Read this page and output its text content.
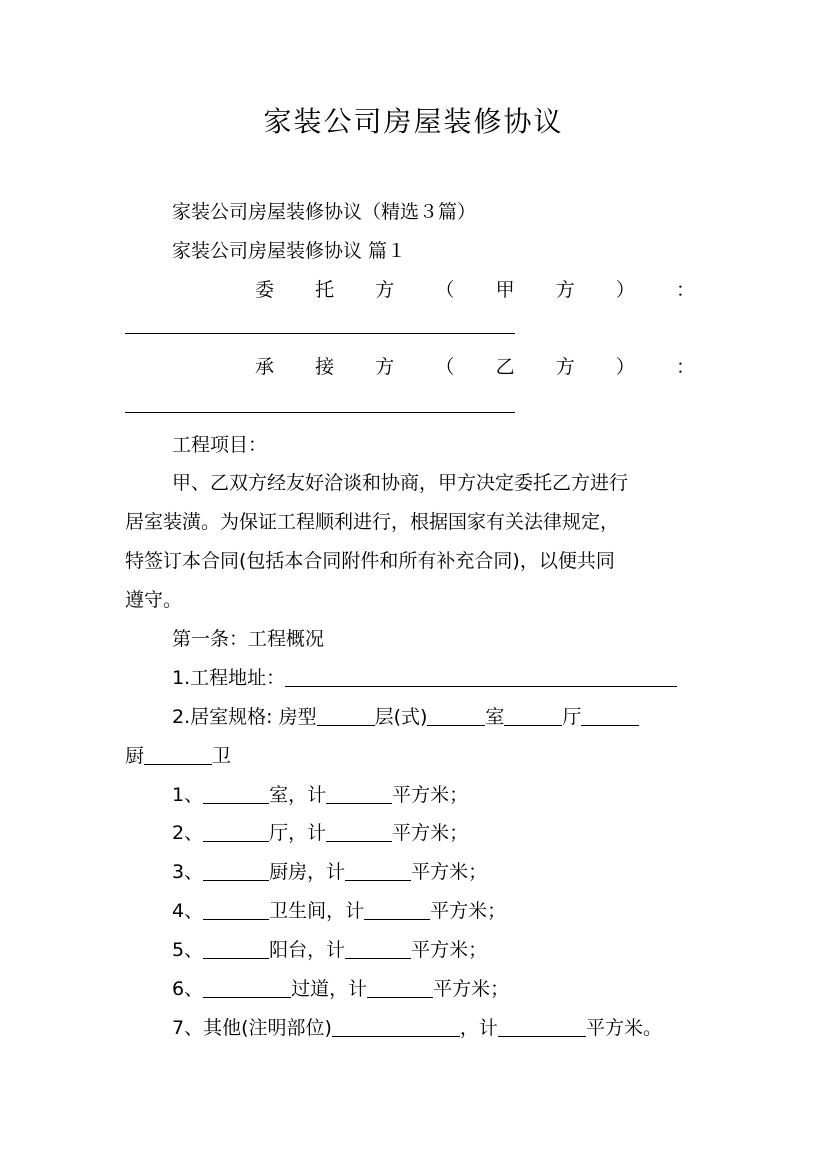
家装公司房屋装修协议
家装公司房屋装修协议（精选３篇）
家装公司房屋装修协议 篇１
委 托 方 （ 甲 方 ） ：
承 接 方 （ 乙 方 ） ：
工程项目：
甲、乙双方经友好洽谈和协商，甲方决定委托乙方进行
居室装潢。为保证工程顺利进行，根据国家有关法律规定，
特签订本合同(包括本合同附件和所有补充合同)，以便共同
遵守。
第一条：工程概况
1.工程地址：
2.居室规格: 房型	层(式)	室	厅
厨	卫
1、	室，计	平方米；
2、	厅，计	平方米；
3、	厨房，计	平方米；
4、	卫生间，计	平方米；
5、	阳台，计	平方米；
6、	过道，计	平方米；
7、其他(注明部位)	，计	平方米。
